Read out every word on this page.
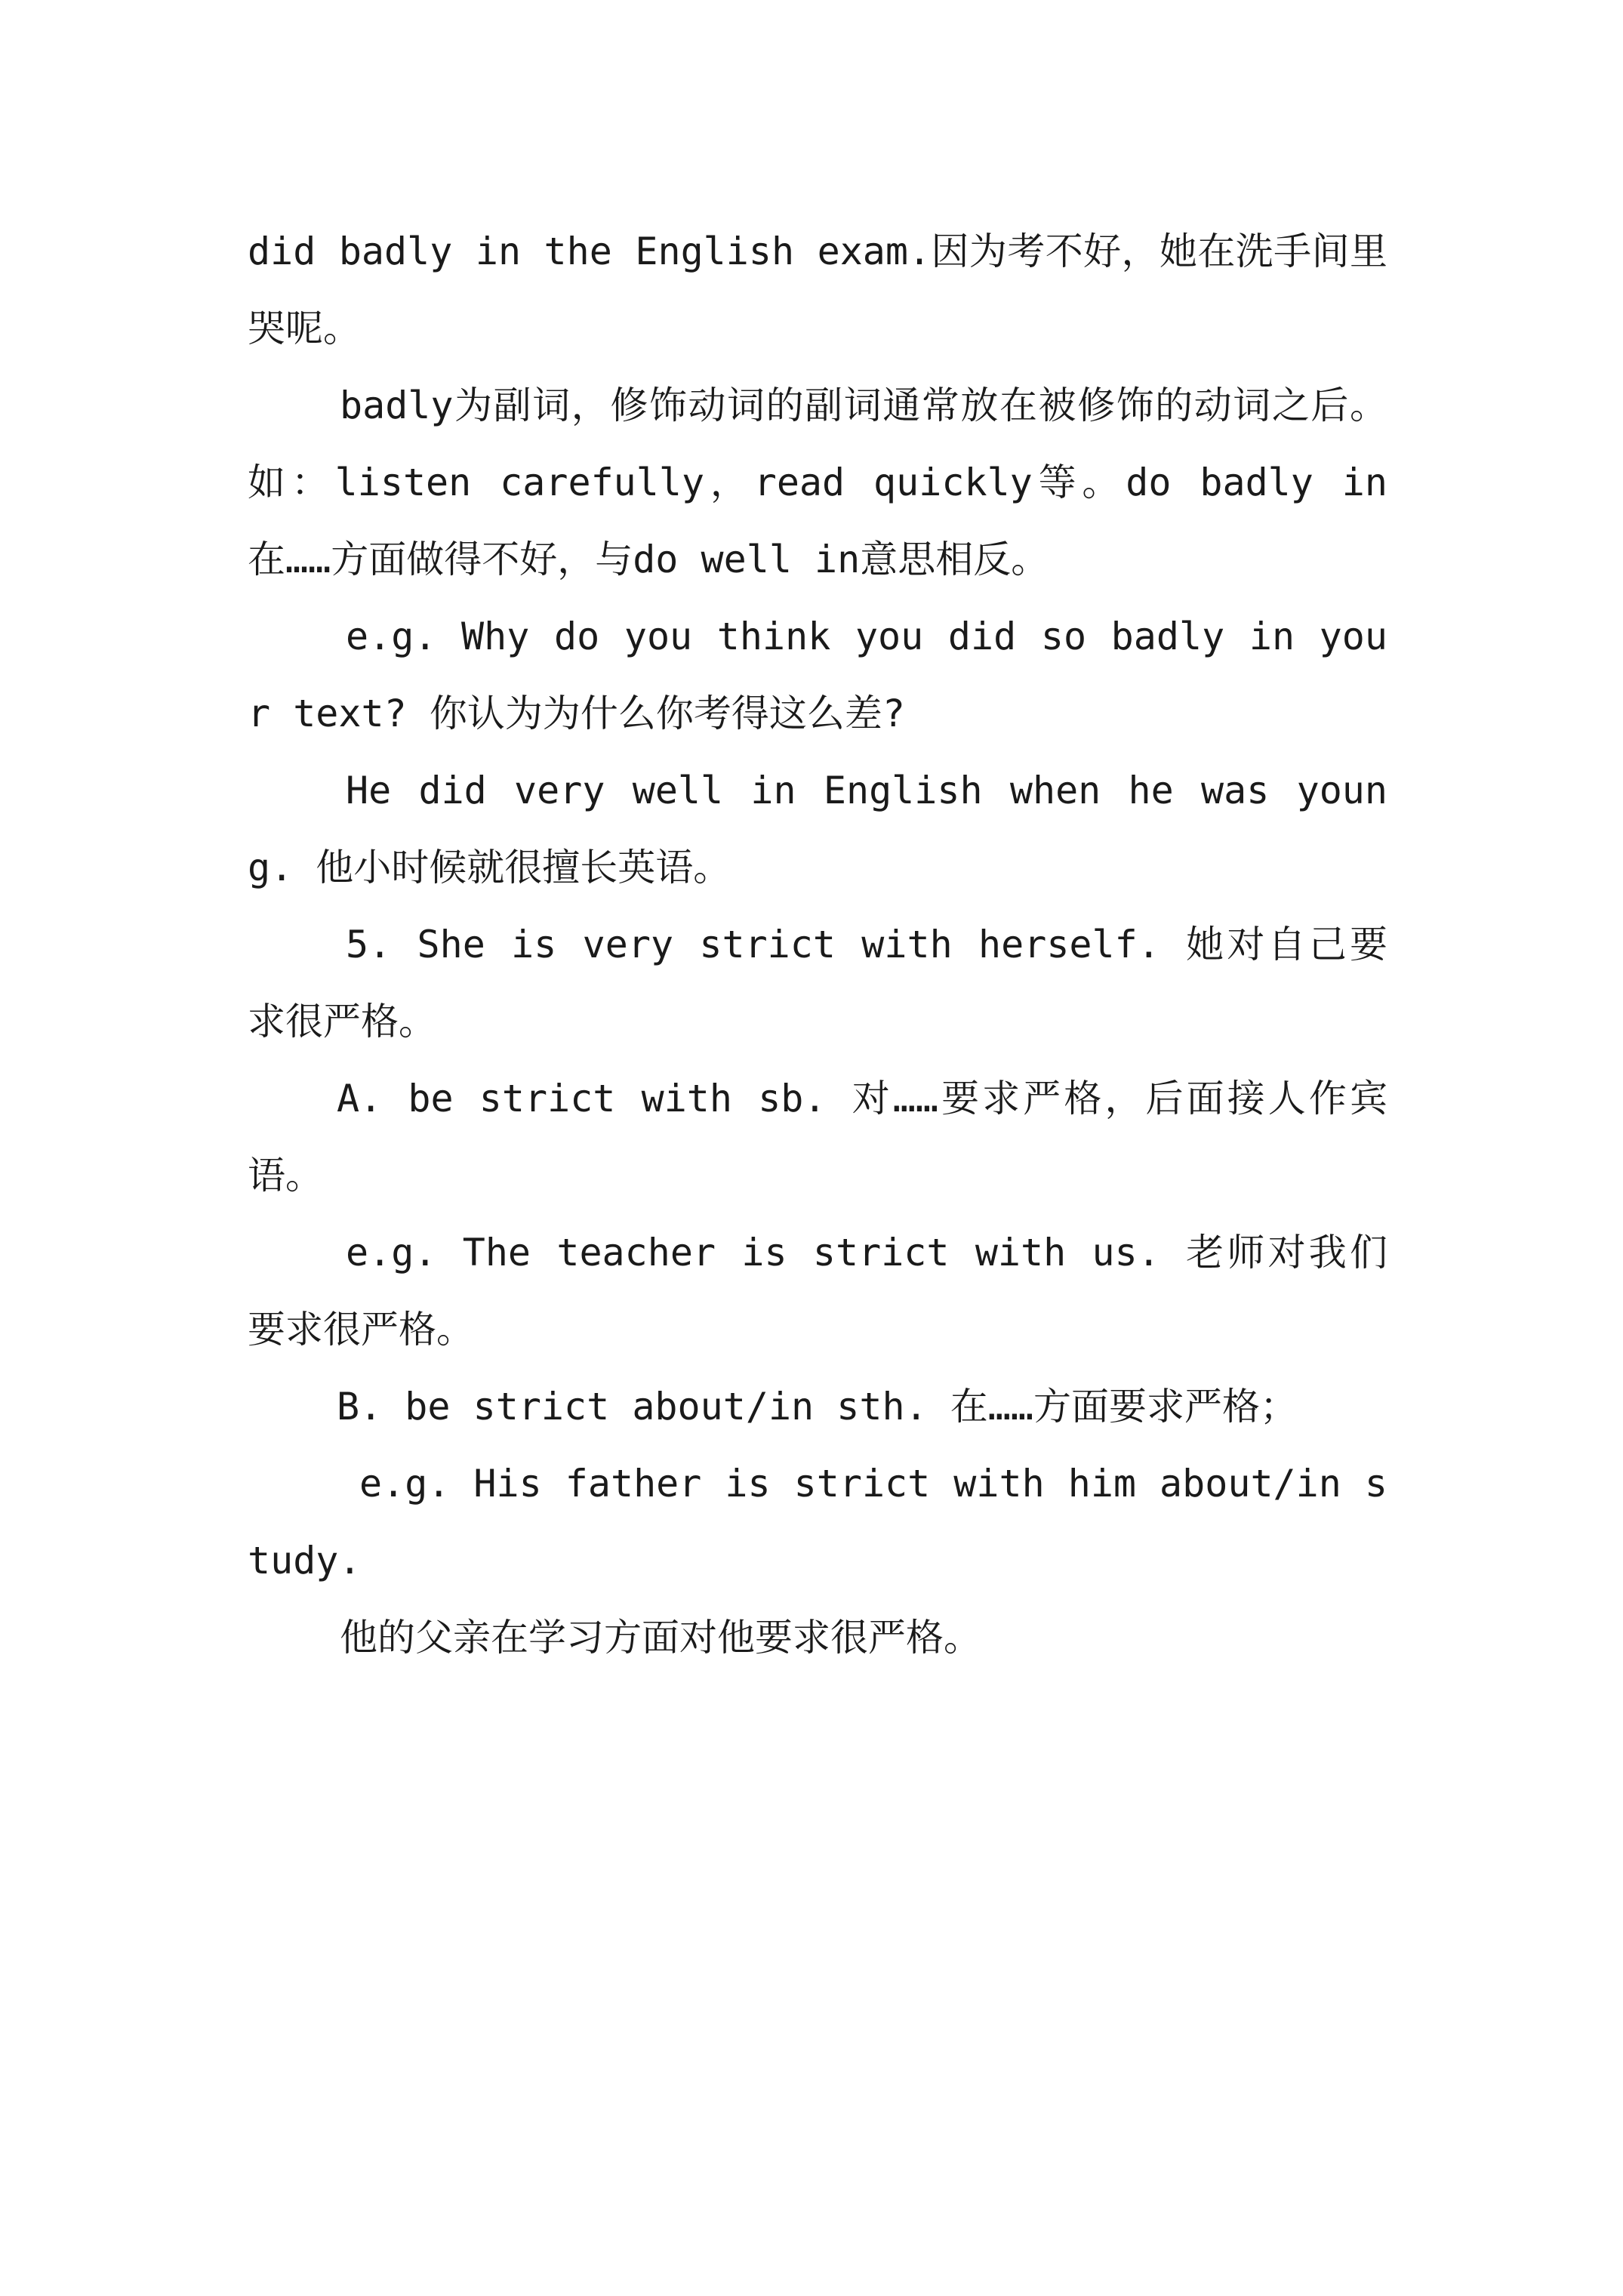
did badly in the English exam.因为考不好，她在洗手间里哭呢。

badly为副词，修饰动词的副词通常放在被修饰的动词之后。如：listen carefully，read quickly等。do badly in 在……方面做得不好，与do well in意思相反。

e.g. Why do you think you did so badly in your text? 你认为为什么你考得这么差?

He did very well in English when he was young. 他小时候就很擅长英语。

5. She is very strict with herself. 她对自己要求很严格。

A. be strict with sb. 对……要求严格，后面接人作宾语。

e.g. The teacher is strict with us. 老师对我们要求很严格。

B. be strict about/in sth. 在……方面要求严格；

e.g. His father is strict with him about/in study.

他的父亲在学习方面对他要求很严格。
